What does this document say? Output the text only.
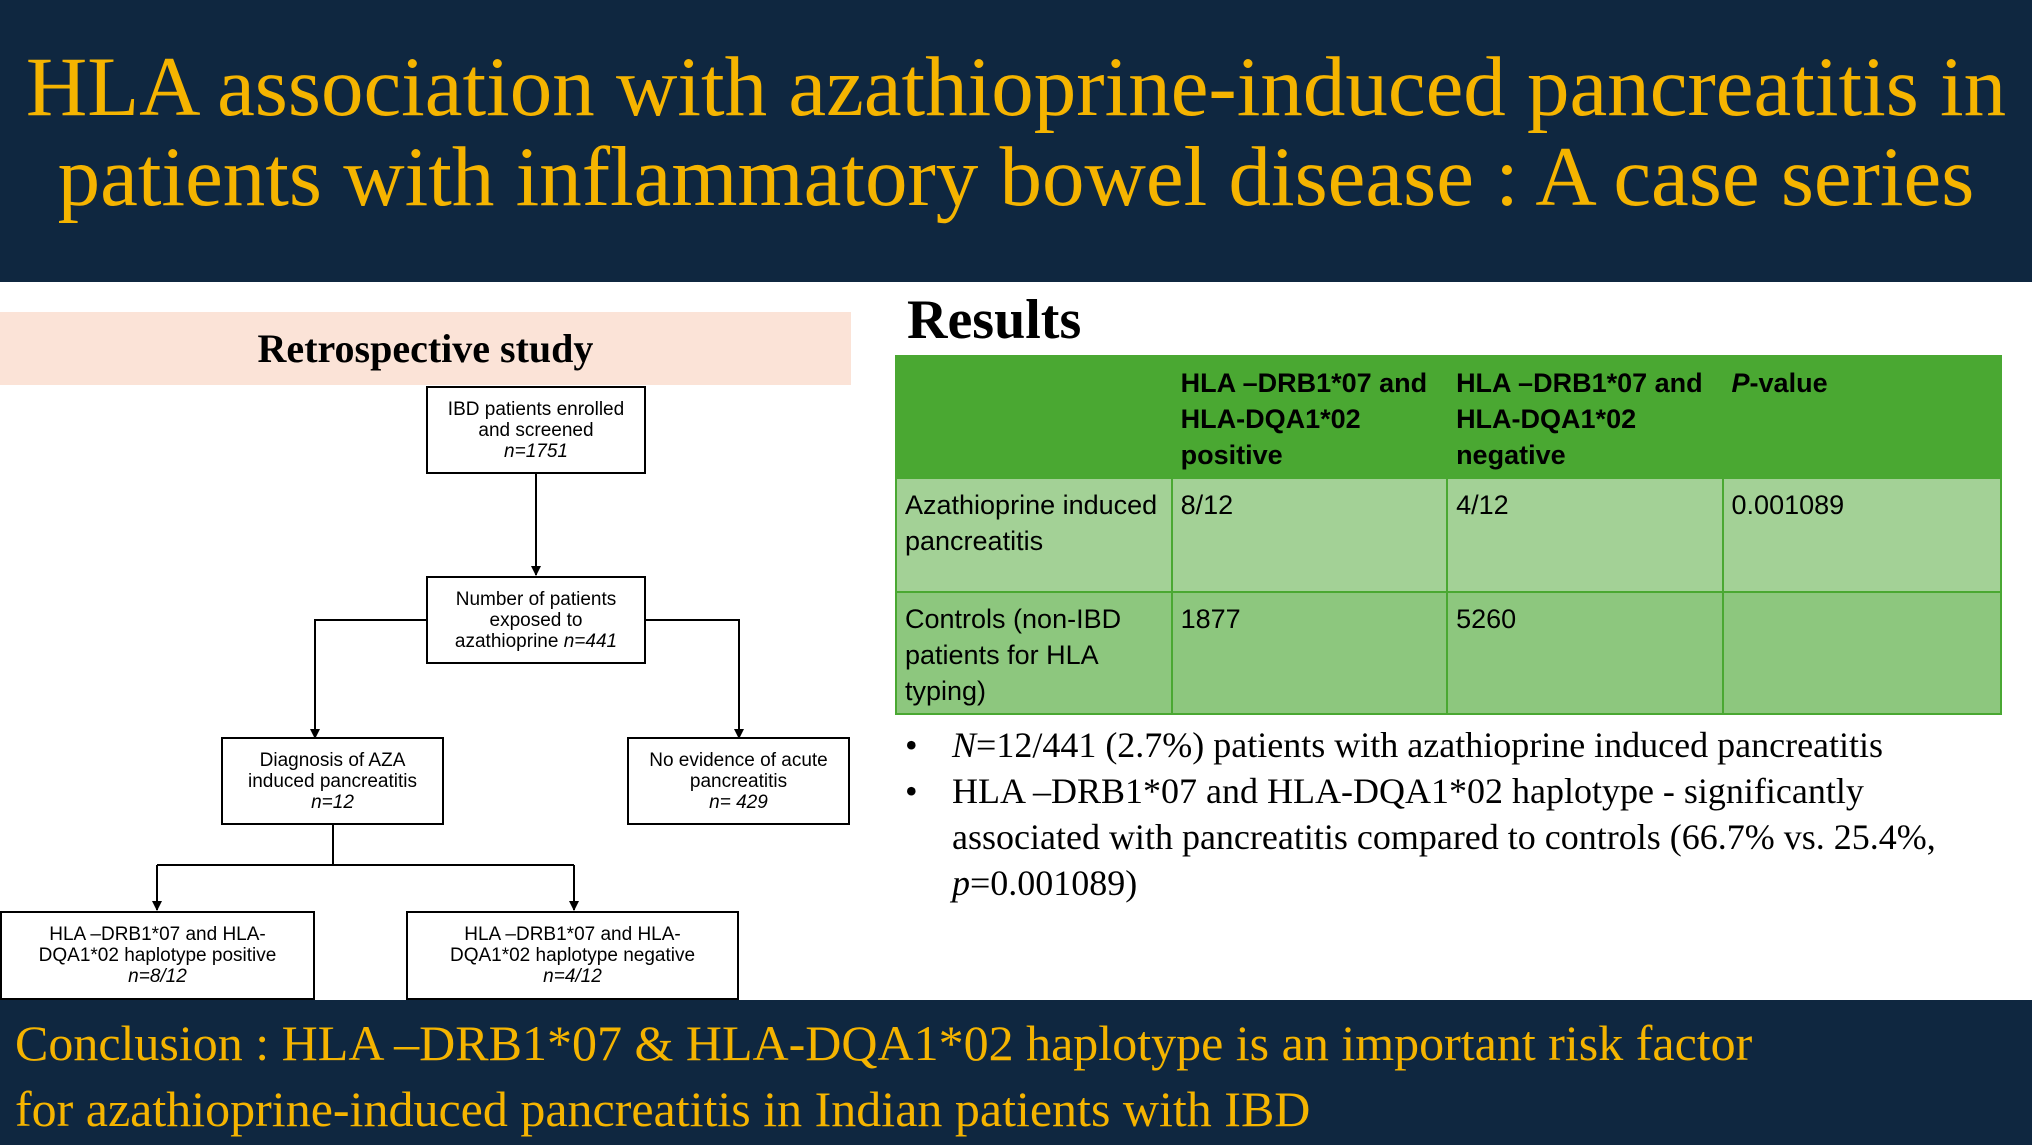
HLA association with azathioprine-induced pancreatitis in
patients with inflammatory bowel disease : A case series
Retrospective study
IBD patients enrolled
and screened
n=1751
Number of patients
exposed to
azathioprine n=441
Diagnosis of AZA
induced pancreatitis
n=12
No evidence of acute
pancreatitis
n= 429
HLA –DRB1*07 and HLA-
DQA1*02 haplotype positive
n=8/12
HLA –DRB1*07 and HLA-
DQA1*02 haplotype negative
n=4/12
Results
	HLA –DRB1*07 and HLA-DQA1*02 positive	HLA –DRB1*07 and HLA-DQA1*02 negative	P-value
Azathioprine induced pancreatitis	8/12	4/12	0.001089
Controls (non-IBD patients for HLA typing)	1877	5260	
• N=12/441 (2.7%) patients with azathioprine induced pancreatitis
• HLA –DRB1*07 and HLA-DQA1*02 haplotype - significantly associated with pancreatitis compared to controls (66.7% vs. 25.4%, p=0.001089)
Conclusion : HLA –DRB1*07 & HLA-DQA1*02 haplotype is an important risk factor
for azathioprine-induced pancreatitis in Indian patients with IBD
